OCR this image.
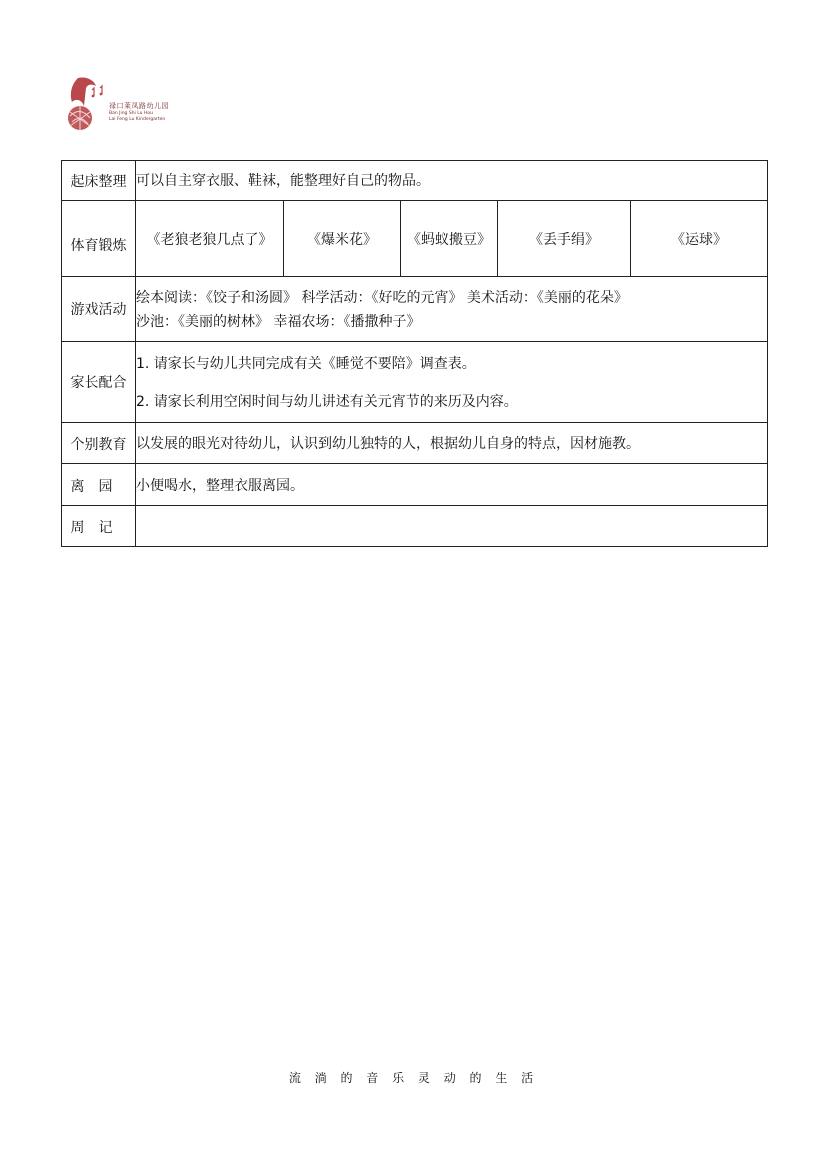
禄口莱凤路幼儿园
Ban Jing Shi Lu Hou
Lai Feng Lu Kindergarten
起床整理	可以自主穿衣服、鞋袜，能整理好自己的物品。				
体育锻炼	《老狼老狼几点了》	《爆米花》	《蚂蚁搬豆》	《丢手绢》	《运球》
游戏活动	绘本阅读：《饺子和汤圆》 科学活动：《好吃的元宵》 美术活动：《美丽的花朵》
沙池：《美丽的树林》 幸福农场：《播撒种子》				

家长配合	1. 请家长与幼儿共同完成有关《睡觉不要陪》调查表。

2. 请家长利用空闲时间与幼儿讲述有关元宵节的来历及内容。				

个别教育	以发展的眼光对待幼儿，认识到幼儿独特的人，根据幼儿自身的特点，因材施教。				
离园	小便喝水，整理衣服离园。				
周记					
流 淌 的 音 乐 灵 动 的 生 活
